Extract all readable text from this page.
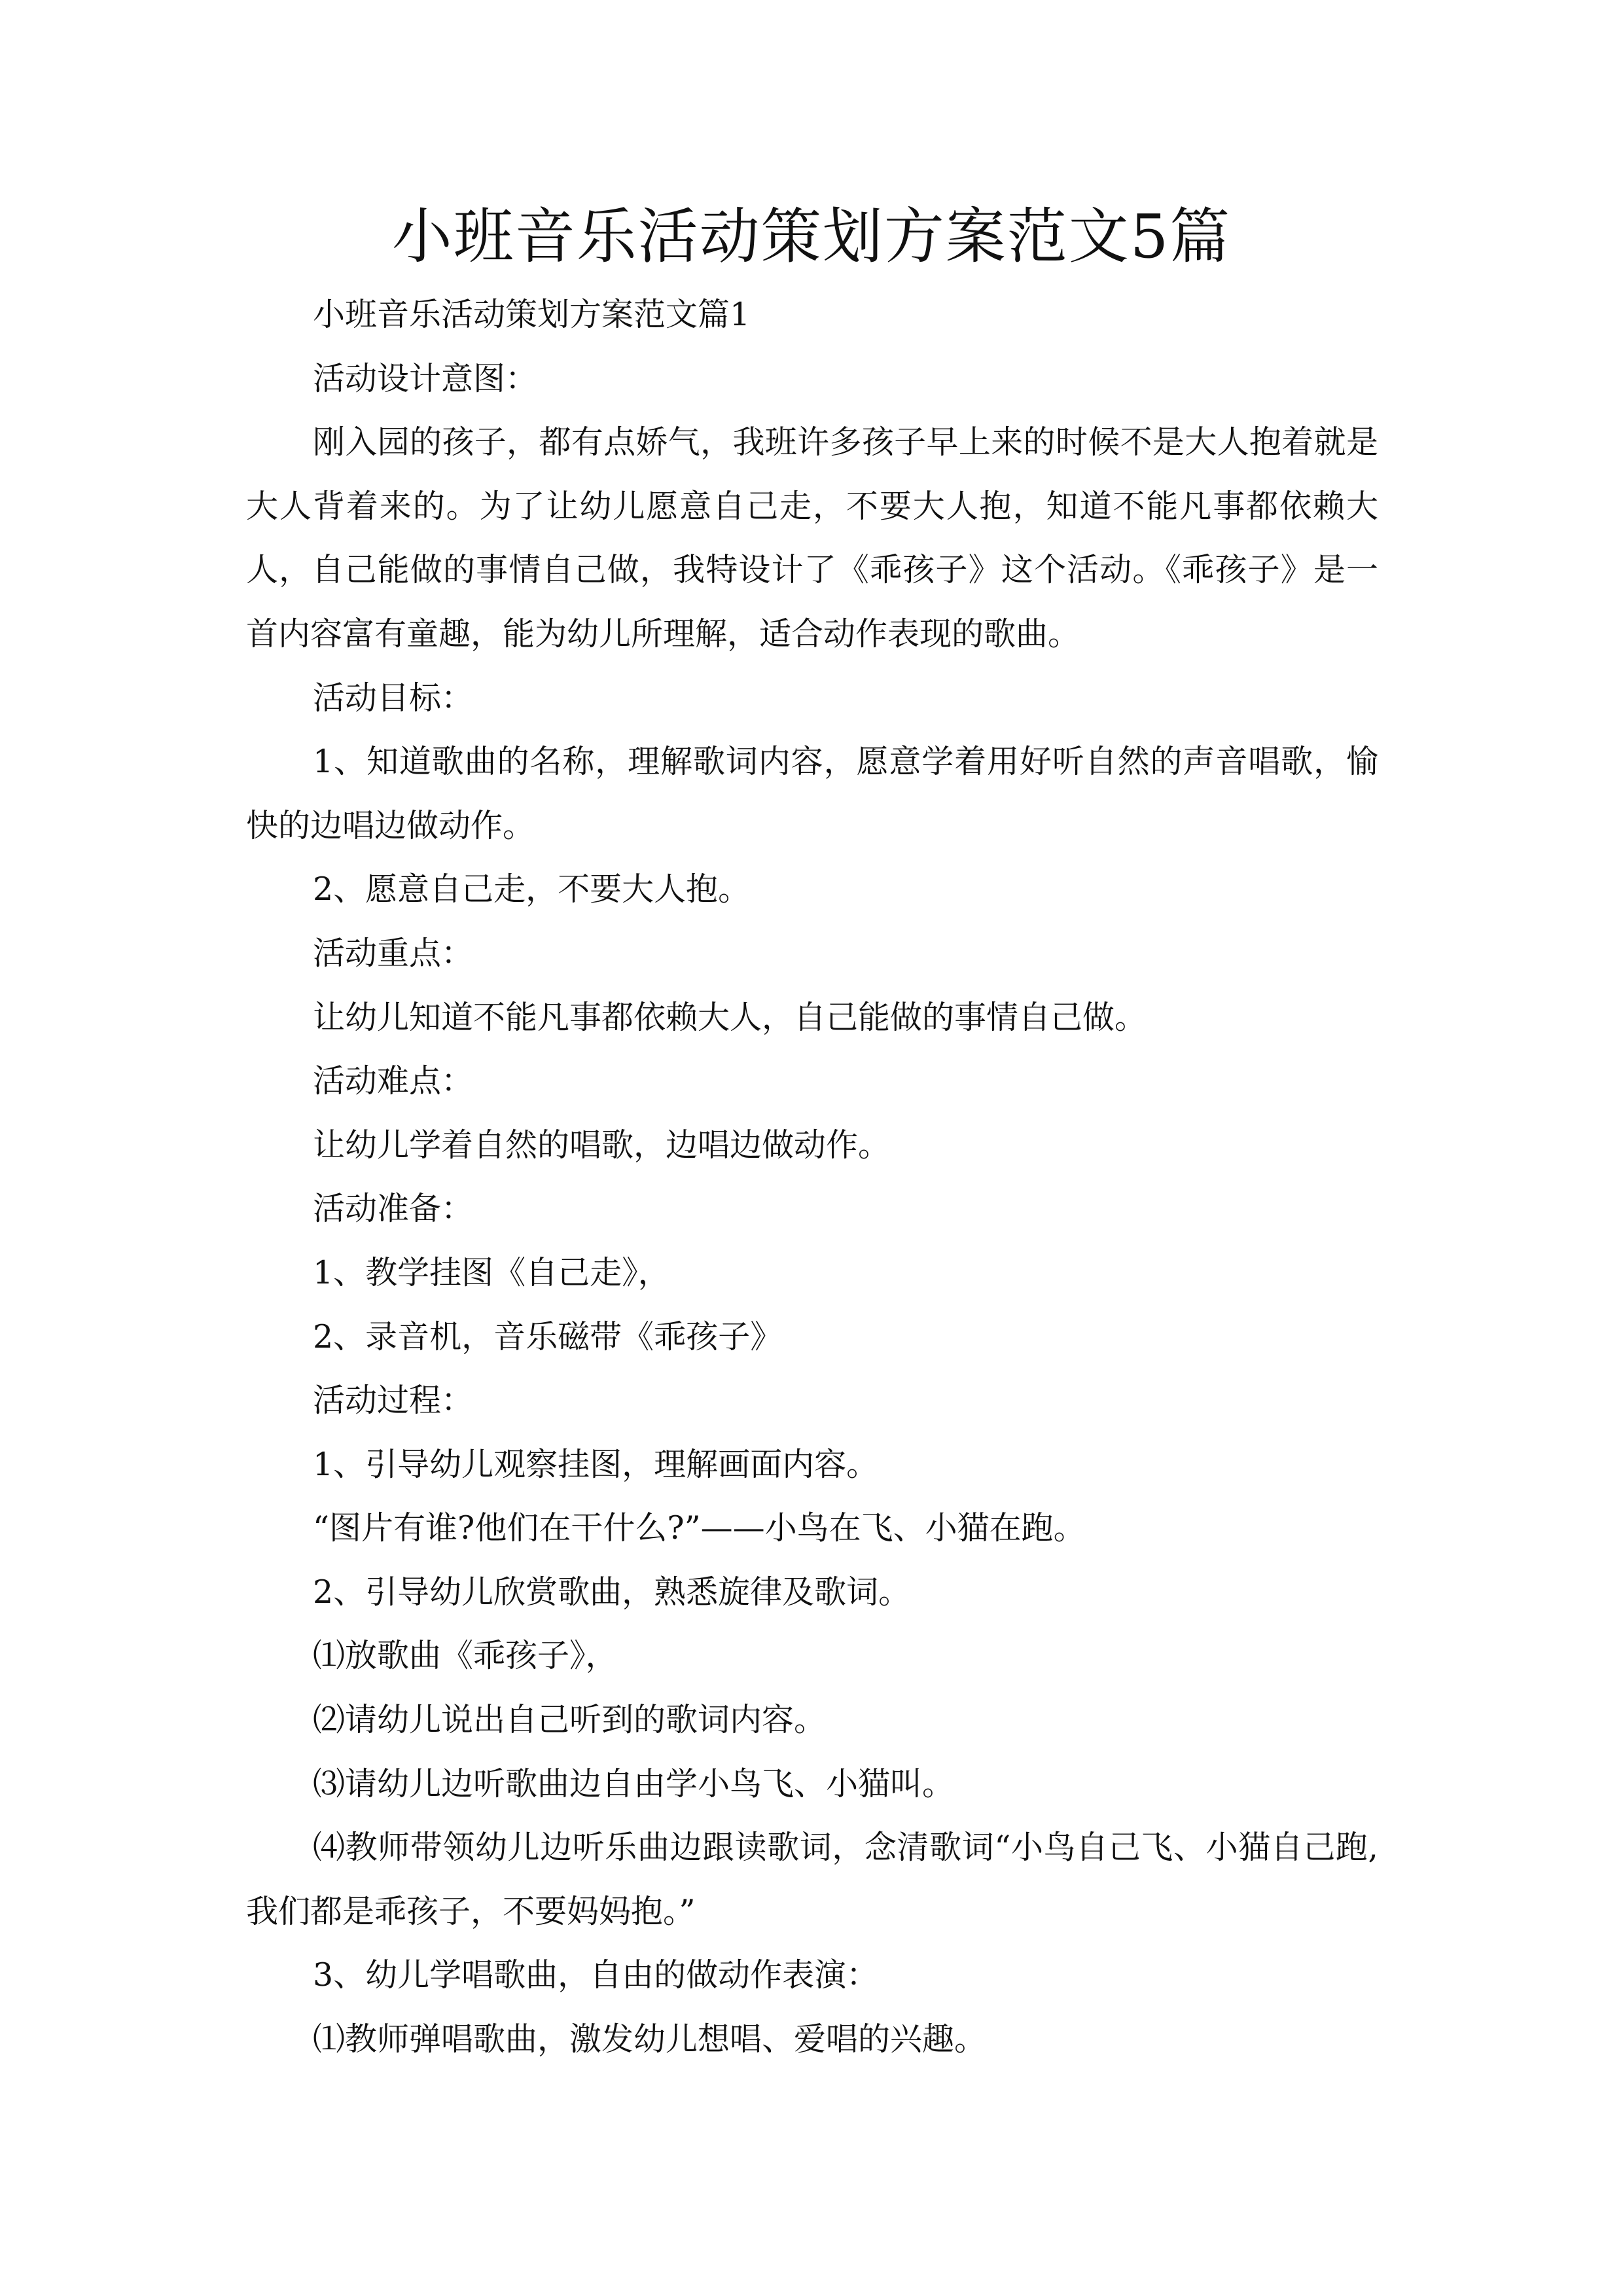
小班音乐活动策划方案范文5篇

小班音乐活动策划方案范文篇1

活动设计意图：

刚入园的孩子，都有点娇气，我班许多孩子早上来的时候不是大人抱着就是大人背着来的。为了让幼儿愿意自己走，不要大人抱，知道不能凡事都依赖大人，自己能做的事情自己做，我特设计了《乖孩子》这个活动。《乖孩子》是一首内容富有童趣，能为幼儿所理解，适合动作表现的歌曲。

活动目标：

1、知道歌曲的名称，理解歌词内容，愿意学着用好听自然的声音唱歌，愉快的边唱边做动作。

2、愿意自己走，不要大人抱。

活动重点：

让幼儿知道不能凡事都依赖大人，自己能做的事情自己做。

活动难点：

让幼儿学着自然的唱歌，边唱边做动作。

活动准备：

1、教学挂图《自己走》，

2、录音机，音乐磁带《乖孩子》

活动过程：

1、引导幼儿观察挂图，理解画面内容。

“图片有谁?他们在干什么?”——小鸟在飞、小猫在跑。

2、引导幼儿欣赏歌曲，熟悉旋律及歌词。

⑴放歌曲《乖孩子》，

⑵请幼儿说出自己听到的歌词内容。

⑶请幼儿边听歌曲边自由学小鸟飞、小猫叫。

⑷教师带领幼儿边听乐曲边跟读歌词，念清歌词“小鸟自己飞、小猫自己跑,我们都是乖孩子，不要妈妈抱。”

3、幼儿学唱歌曲，自由的做动作表演：

⑴教师弹唱歌曲，激发幼儿想唱、爱唱的兴趣。
